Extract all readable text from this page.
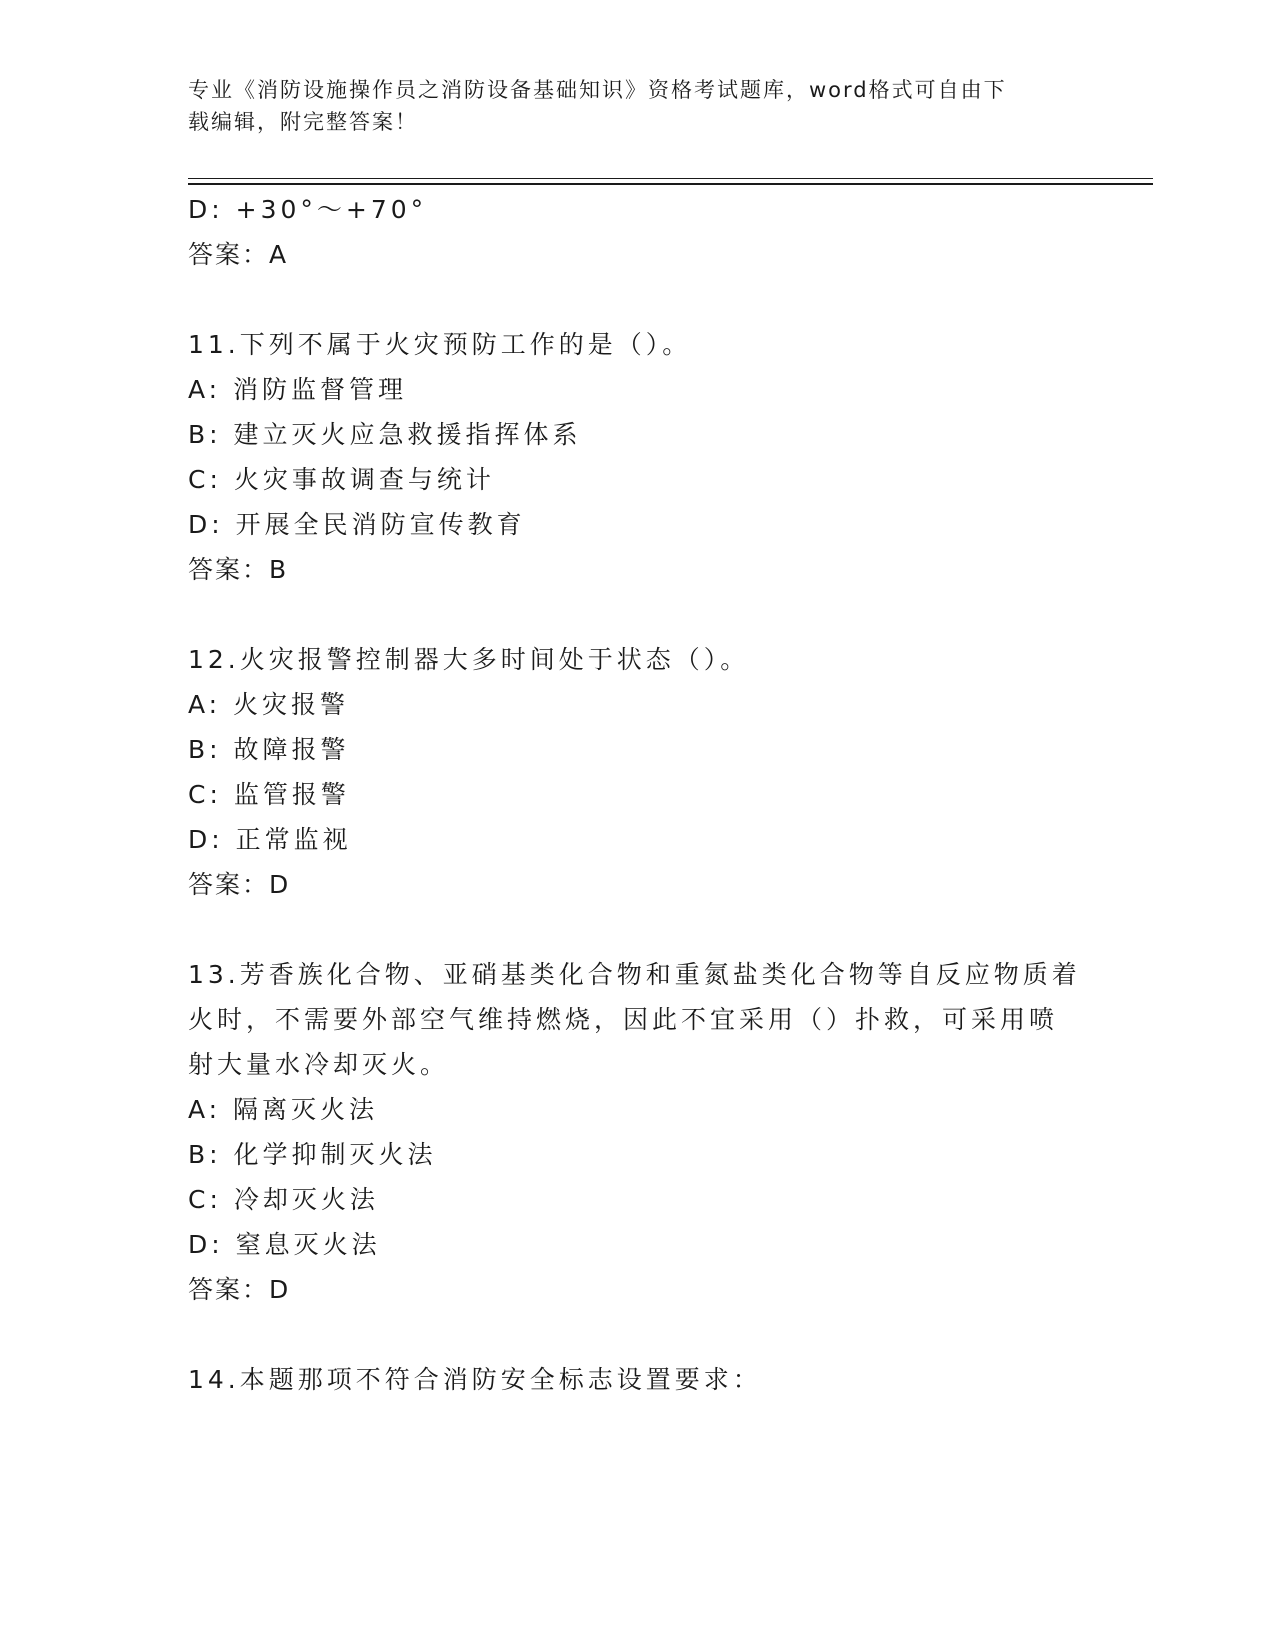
专业《消防设施操作员之消防设备基础知识》资格考试题库，word格式可自由下
载编辑，附完整答案！
D: +30°～+70°
答案：A
11.下列不属于火灾预防工作的是（）。
A: 消防监督管理
B: 建立灭火应急救援指挥体系
C: 火灾事故调查与统计
D: 开展全民消防宣传教育
答案：B
12.火灾报警控制器大多时间处于状态（）。
A: 火灾报警
B: 故障报警
C: 监管报警
D: 正常监视
答案：D
13.芳香族化合物、亚硝基类化合物和重氮盐类化合物等自反应物质着
火时，不需要外部空气维持燃烧，因此不宜采用（）扑救，可采用喷
射大量水冷却灭火。
A: 隔离灭火法
B: 化学抑制灭火法
C: 冷却灭火法
D: 窒息灭火法
答案：D
14.本题那项不符合消防安全标志设置要求：
